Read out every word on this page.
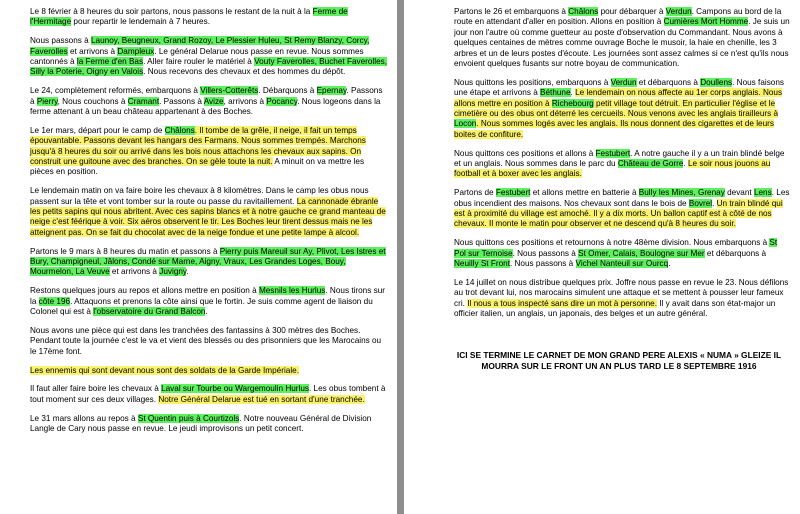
Le 8 février à 8 heures du soir partons, nous passons le restant de la nuit à la Ferme de l'Hermitage pour repartir le lendemain à 7 heures.

Nous passons à Launoy, Beugneux, Grand Rozoy, Le Plessier Huleu, St Remy Blanzy, Corcy, Faverolles et arrivons à Dampleux. Le général Delarue nous passe en revue. Nous sommes cantonnés à la Ferme d'en Bas. Aller faire rouler le matériel à Vouty Faverolles, Buchet Faverolles, Silly la Poterie, Oigny en Valois. Nous recevons des chevaux et des hommes du dépôt.

Le 24, complètement reformés, embarquons à Villers-Cotterêts. Débarquons à Epernay. Passons à Pierry, Nous couchons à Cramant. Passons à Avize, arrivons à Pocancy. Nous logeons dans la ferme attenant à un beau château appartenant à des Boches.

Le 1er mars, départ pour le camp de Châlons. Il tombe de la grêle, il neige, il fait un temps épouvantable. Passons devant les hangars des Farmans. Nous sommes trempés. Marchons jusqu'à 8 heures du soir ou arrivé dans les bois nous attachons les chevaux aux sapins. On construit une guitoune avec des branches. On se gèle toute la nuit. A minuit on va mettre les pièces en position.

Le lendemain matin on va faire boire les chevaux à 8 kilomètres. Dans le camp les obus nous passent sur la tête et vont tomber sur la route ou passe du ravitaillement. La cannonade ébranle les petits sapins qui nous abritent. Avec ces sapins blancs et à notre gauche ce grand manteau de neige c'est féérique à voir. Six aéros observent le tir. Les Boches leur tirent dessus mais ne les atteignent pas. On se fait du chocolat avec de la neige fondue et une petite lampe à alcool.

Partons le 9 mars à 8 heures du matin et passons à Pierry puis Mareuil sur Ay, Plivot, Les Istres et Bury, Champigneul, Jâlons, Condé sur Marne, Aigny, Vraux, Les Grandes Loges, Bouy, Mourmelon, La Veuve et arrivons à Juvigny.

Restons quelques jours au repos et allons mettre en position à Mesnils les Hurlus. Nous tirons sur la côte 196. Attaquons et prenons la côte ainsi que le fortin. Je suis comme agent de liaison du Colonel qui est à l'observatoire du Grand Balcon.

Nous avons une pièce qui est dans les tranchées des fantassins à 300 mètres des Boches. Pendant toute la journée c'est le va et vient des blessés ou des prisonniers que les Marocains ou le 17ème font.

Les ennemis qui sont devant nous sont des soldats de la Garde Impériale.

Il faut aller faire boire les chevaux à Laval sur Tourbe ou Wargemoulin Hurlus. Les obus tombent à tout moment sur ces deux villages. Notre Général Delarue est tué en sortant d'une tranchée.

Le 31 mars allons au repos à St Quentin puis à Courtizols. Notre nouveau Général de Division Langle de Cary nous passe en revue. Le jeudi improvisons un petit concert.

Partons le 26 et embarquons à Châlons pour débarquer à Verdun. Campons au bord de la route en attendant d'aller en position. Allons en position à Cumières Mort Homme. Je suis un jour non l'autre où comme guetteur au poste d'observation du Commandant. Nous avons à quelques centaines de mètres comme ouvrage Boche le musoir, la haie en chenille, les 3 arbres et un de leurs postes d'écoute. Les journées sont assez calmes si ce n'est qu'ils nous envoient quelques fusants sur notre boyau de communication.

Nous quittons les positions, embarquons à Verdun et débarquons à Doullens. Nous faisons une étape et arrivons à Béthune. Le lendemain on nous affecte au 1er corps anglais. Nous allons mettre en position à Richebourg petit village tout détruit. En particulier l'église et le cimetière ou des obus ont déterré les cercueils. Nous venons avec les anglais tirailleurs à Locon. Nous sommes logés avec les anglais. Ils nous donnent des cigarettes et de leurs boites de confiture.

Nous quittons ces positions et allons à Festubert. A notre gauche il y a un train blindé belge et un anglais. Nous sommes dans le parc du Château de Gorre. Le soir nous jouons au football et à boxer avec les anglais.

Partons de Festubert et allons mettre en batterie à Bully les Mines, Grenay devant Lens. Les obus incendient des maisons. Nos chevaux sont dans le bois de Bovrel. Un train blindé qui est à proximité du village est amoché. Il y a dix morts. Un ballon captif est à côté de nos chevaux. Il monte le matin pour observer et ne descend qu'à 8 heures du soir.

Nous quittons ces positions et retournons à notre 48ème division. Nous embarquons à St Pol sur Ternoise. Nous passons à St Omer, Calais, Boulogne sur Mer et débarquons à Neuilly St Front. Nous passons à Vichel Nanteuil sur Ourcq.

Le 14 juillet on nous distribue quelques prix. Joffre nous passe en revue le 23. Nous défilons au trot devant lui, nos marocains simulent une attaque et se mettent à pousser leur fameux cri. Il nous a tous inspecté sans dire un mot à personne. Il y avait dans son état-major un officier italien, un anglais, un japonais, des belges et un autre général.

ICI SE TERMINE LE CARNET DE MON GRAND PERE ALEXIS « NUMA » GLEIZE IL MOURRA SUR LE FRONT UN AN PLUS TARD LE 8 SEPTEMBRE 1916
